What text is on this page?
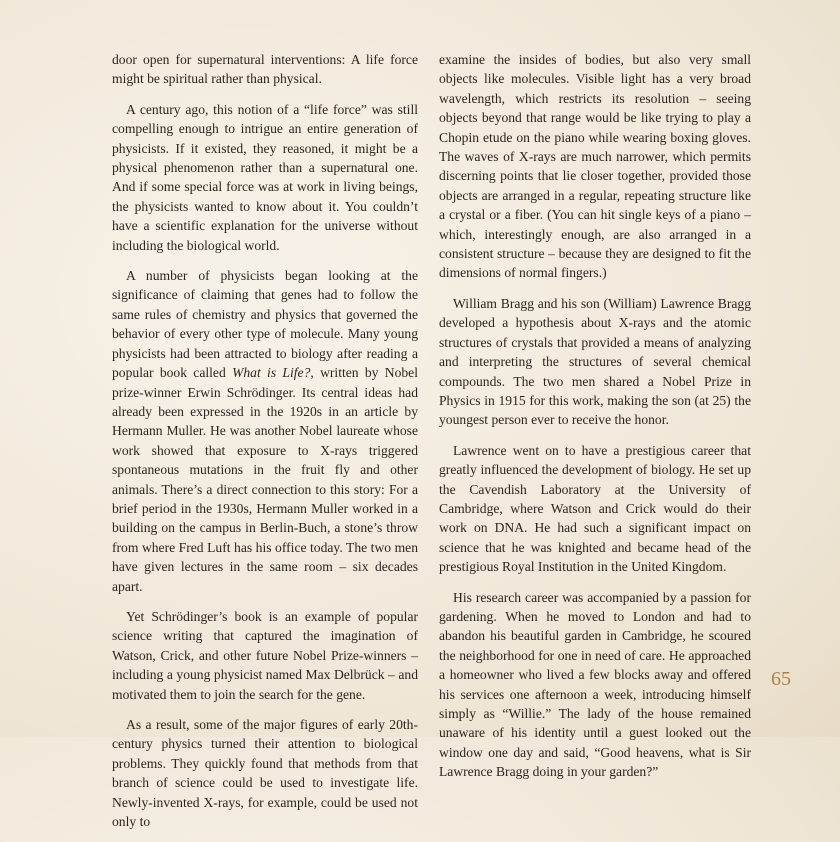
door open for supernatural interventions: A life force might be spiritual rather than physical.

A century ago, this notion of a “life force” was still compelling enough to intrigue an entire generation of physicists. If it existed, they reasoned, it might be a physical phenomenon rather than a supernatural one. And if some special force was at work in living beings, the physicists wanted to know about it. You couldn’t have a scientific explanation for the universe without including the biological world.

A number of physicists began looking at the significance of claiming that genes had to follow the same rules of chemistry and physics that governed the behavior of every other type of molecule. Many young physicists had been attracted to biology after reading a popular book called What is Life?, written by Nobel prize-winner Erwin Schrödinger. Its central ideas had already been expressed in the 1920s in an article by Hermann Muller. He was another Nobel laureate whose work showed that exposure to X-rays triggered spontaneous mutations in the fruit fly and other animals. There’s a direct connection to this story: For a brief period in the 1930s, Hermann Muller worked in a building on the campus in Berlin-Buch, a stone’s throw from where Fred Luft has his office today. The two men have given lectures in the same room – six decades apart.

Yet Schrödinger’s book is an example of popular science writing that captured the imagination of Watson, Crick, and other future Nobel Prize-winners – including a young physicist named Max Delbrück – and motivated them to join the search for the gene.

As a result, some of the major figures of early 20th-century physics turned their attention to biological problems. They quickly found that methods from that branch of science could be used to investigate life. Newly-invented X-rays, for example, could be used not only to

examine the insides of bodies, but also very small objects like molecules. Visible light has a very broad wavelength, which restricts its resolution – seeing objects beyond that range would be like trying to play a Chopin etude on the piano while wearing boxing gloves. The waves of X-rays are much narrower, which permits discerning points that lie closer together, provided those objects are arranged in a regular, repeating structure like a crystal or a fiber. (You can hit single keys of a piano – which, interestingly enough, are also arranged in a consistent structure – because they are designed to fit the dimensions of normal fingers.)

William Bragg and his son (William) Lawrence Bragg developed a hypothesis about X-rays and the atomic structures of crystals that provided a means of analyzing and interpreting the structures of several chemical compounds. The two men shared a Nobel Prize in Physics in 1915 for this work, making the son (at 25) the youngest person ever to receive the honor.

Lawrence went on to have a prestigious career that greatly influenced the development of biology. He set up the Cavendish Laboratory at the University of Cambridge, where Watson and Crick would do their work on DNA. He had such a significant impact on science that he was knighted and became head of the prestigious Royal Institution in the United Kingdom.

His research career was accompanied by a passion for gardening. When he moved to London and had to abandon his beautiful garden in Cambridge, he scoured the neighborhood for one in need of care. He approached a homeowner who lived a few blocks away and offered his services one afternoon a week, introducing himself simply as “Willie.” The lady of the house remained unaware of his identity until a guest looked out the window one day and said, “Good heavens, what is Sir Lawrence Bragg doing in your garden?”

65
